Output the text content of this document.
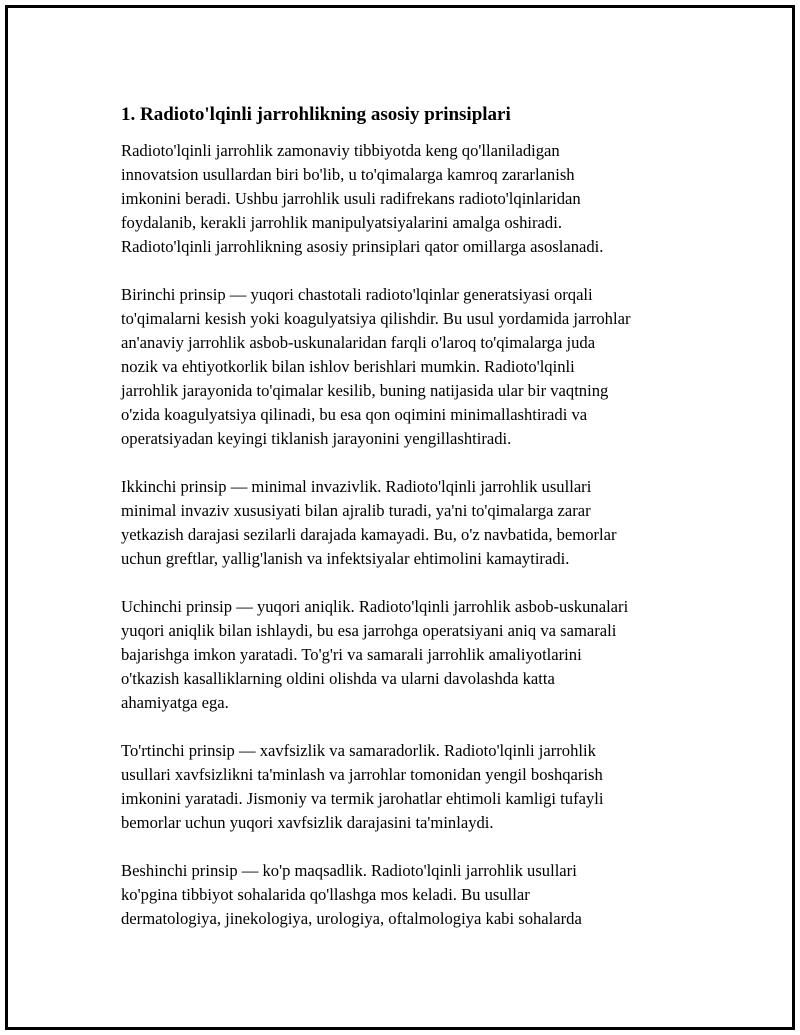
1. Radioto'lqinli jarrohlikning asosiy prinsiplari

Radioto'lqinli jarrohlik zamonaviy tibbiyotda keng qo'llaniladigan
innovatsion usullardan biri bo'lib, u to'qimalarga kamroq zararlanish
imkonini beradi. Ushbu jarrohlik usuli radifrekans radioto'lqinlaridan
foydalanib, kerakli jarrohlik manipulyatsiyalarini amalga oshiradi.
Radioto'lqinli jarrohlikning asosiy prinsiplari qator omillarga asoslanadi.

Birinchi prinsip — yuqori chastotali radioto'lqinlar generatsiyasi orqali
to'qimalarni kesish yoki koagulyatsiya qilishdir. Bu usul yordamida jarrohlar
an'anaviy jarrohlik asbob-uskunalaridan farqli o'laroq to'qimalarga juda
nozik va ehtiyotkorlik bilan ishlov berishlari mumkin. Radioto'lqinli
jarrohlik jarayonida to'qimalar kesilib, buning natijasida ular bir vaqtning
o'zida koagulyatsiya qilinadi, bu esa qon oqimini minimallashtiradi va
operatsiyadan keyingi tiklanish jarayonini yengillashtiradi.

Ikkinchi prinsip — minimal invazivlik. Radioto'lqinli jarrohlik usullari
minimal invaziv xususiyati bilan ajralib turadi, ya'ni to'qimalarga zarar
yetkazish darajasi sezilarli darajada kamayadi. Bu, o'z navbatida, bemorlar
uchun greftlar, yallig'lanish va infektsiyalar ehtimolini kamaytiradi.

Uchinchi prinsip — yuqori aniqlik. Radioto'lqinli jarrohlik asbob-uskunalari
yuqori aniqlik bilan ishlaydi, bu esa jarrohga operatsiyani aniq va samarali
bajarishga imkon yaratadi. To'g'ri va samarali jarrohlik amaliyotlarini
o'tkazish kasalliklarning oldini olishda va ularni davolashda katta
ahamiyatga ega.

To'rtinchi prinsip — xavfsizlik va samaradorlik. Radioto'lqinli jarrohlik
usullari xavfsizlikni ta'minlash va jarrohlar tomonidan yengil boshqarish
imkonini yaratadi. Jismoniy va termik jarohatlar ehtimoli kamligi tufayli
bemorlar uchun yuqori xavfsizlik darajasini ta'minlaydi.

Beshinchi prinsip — ko'p maqsadlik. Radioto'lqinli jarrohlik usullari
ko'pgina tibbiyot sohalarida qo'llashga mos keladi. Bu usullar
dermatologiya, jinekologiya, urologiya, oftalmologiya kabi sohalarda
